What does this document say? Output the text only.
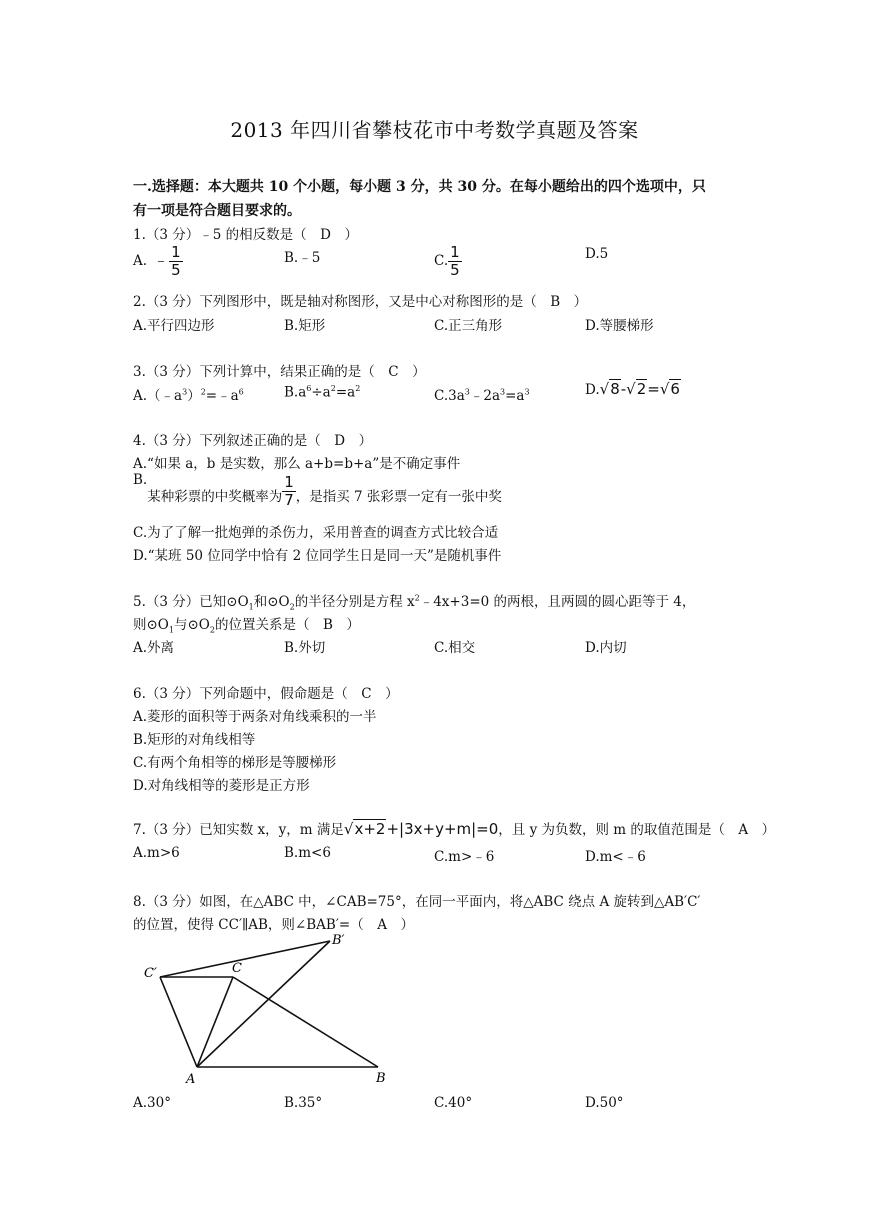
2013 年四川省攀枝花市中考数学真题及答案
一.选择题：本大题共 10 个小题，每小题 3 分，共 30 分。在每小题给出的四个选项中，只
有一项是符合题目要求的。
1.（3 分）﹣5 的相反数是（　D　）
A. ﹣ $\frac{1}{5}$	B.﹣5	C. $\frac{1}{5}$	D.5
2.（3 分）下列图形中，既是轴对称图形，又是中心对称图形的是（　B　）
A.平行四边形	B.矩形	C.正三角形	D.等腰梯形
3.（3 分）下列计算中，结果正确的是（　C　）
$A.(﹣a^3)^2=﹣a^6$	$B.a^6\div a^2=a^2$	$C.3a^3﹣2a^3=a^3$	D.√8-√2=√6
4.（3 分）下列叙述正确的是（　D　）
A.“如果 a，b 是实数，那么 a+b=b+a”是不确定事件
B.某种彩票的中奖概率为 $\frac{1}{7}$ ，是指买 7 张彩票一定有一张中奖
C.为了了解一批炮弹的杀伤力，采用普查的调查方式比较合适
D.“某班 50 位同学中恰有 2 位同学生日是同一天”是随机事件
5.（3 分）已知$⊙O_1$和$⊙O_2$的半径分别是方程 $x^2﹣4x+3=0$ 的两根，且两圆的圆心距等于 4，
则$⊙O_1$与$⊙O_2$的位置关系是（　B　）
A.外离	B.外切	C.相交	D.内切
6.（3 分）下列命题中，假命题是（　C　）
A.菱形的面积等于两条对角线乘积的一半
B.矩形的对角线相等
C.有两个角相等的梯形是等腰梯形
D.对角线相等的菱形是正方形
7.（3 分）已知实数 x，y，m 满足√x+2+|3x+y+m|=0，且 y 为负数，则 m 的取值范围是（　A　）
A.m>6	B.m<6	C.m>﹣6	D.m<﹣6
8.（3 分）如图，在△ABC 中，∠CAB=75°，在同一平面内，将△ABC 绕点 A 旋转到△AB′C′
的位置，使得 CC′∥AB，则∠BAB′=（　A　）
C′	C
B′
A	B
A.30°	B.35°	C.40°	D.50°
